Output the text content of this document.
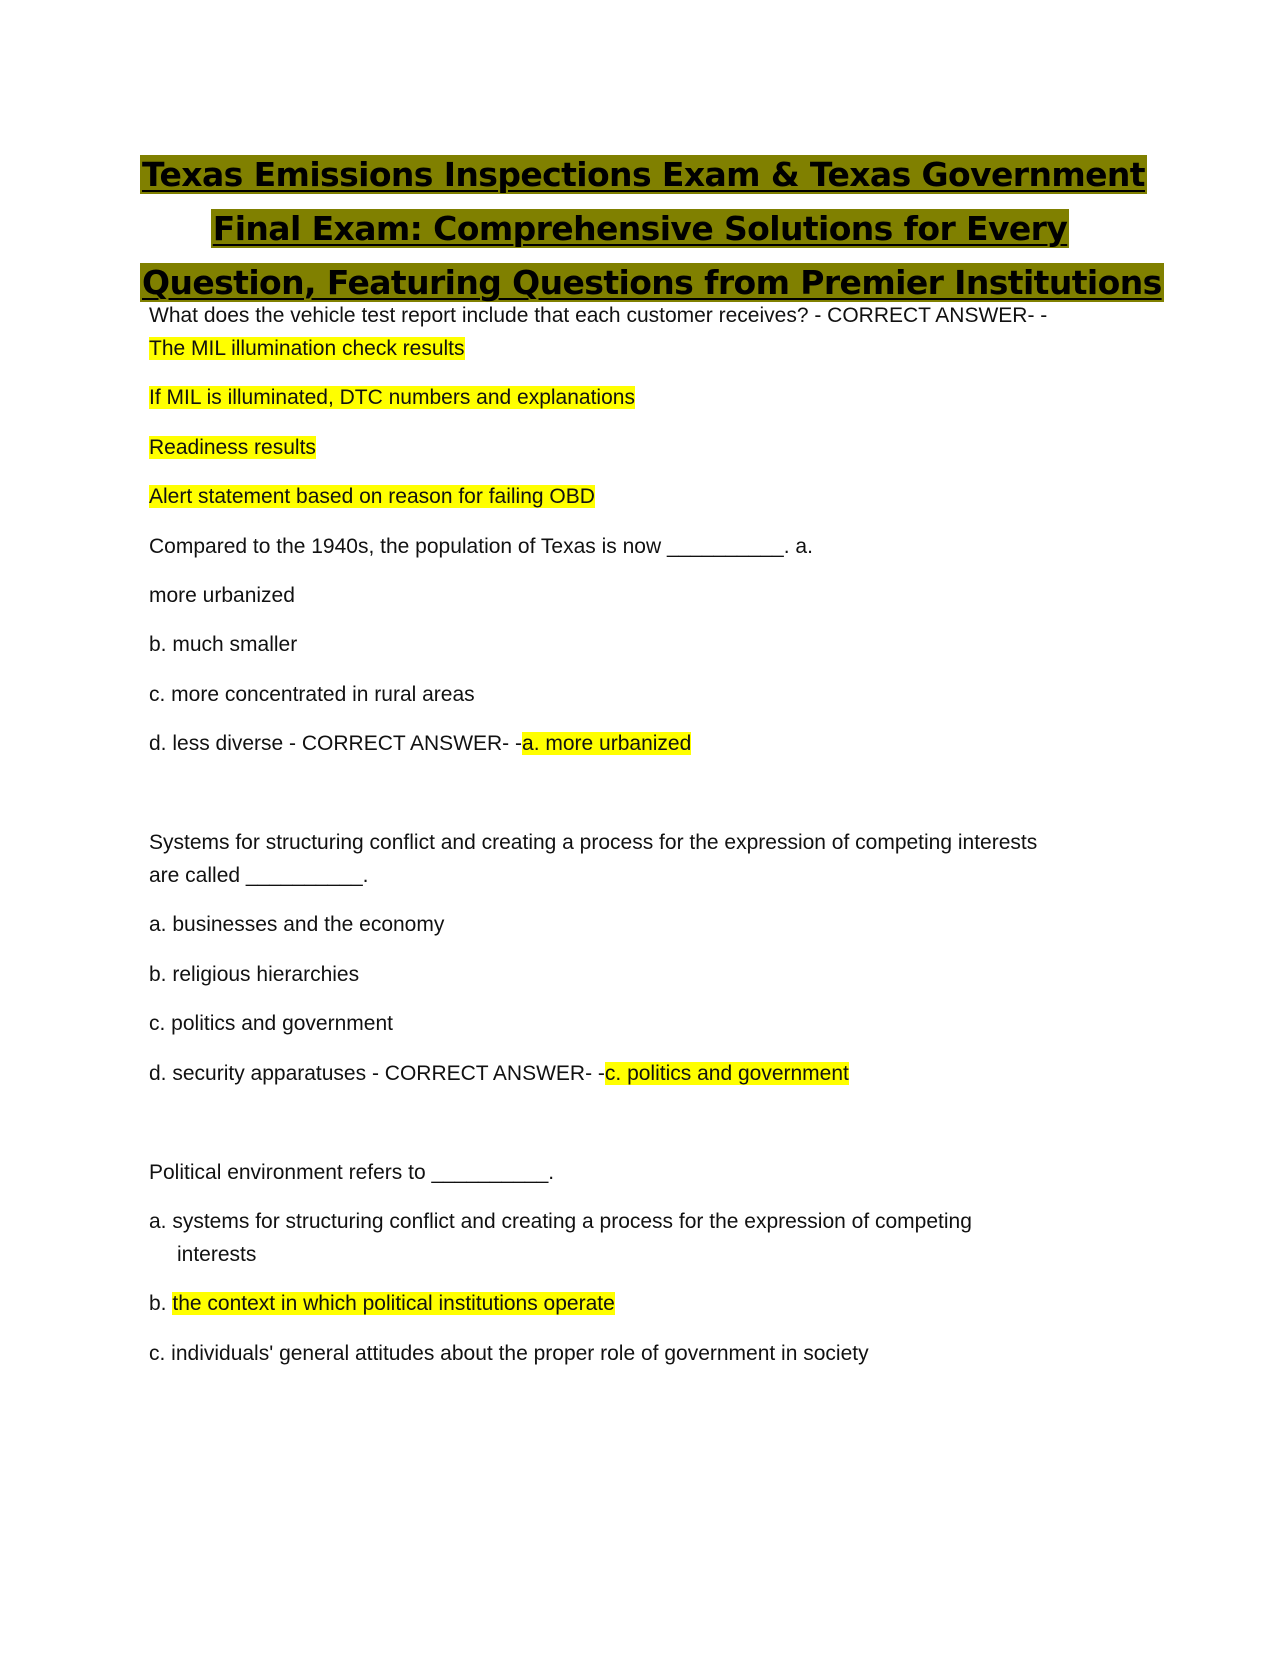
Texas Emissions Inspections Exam & Texas Government
Final Exam: Comprehensive Solutions for Every
Question, Featuring Questions from Premier Institutions
What does the vehicle test report include that each customer receives? - CORRECT ANSWER- -
The MIL illumination check results
If MIL is illuminated, DTC numbers and explanations
Readiness results
Alert statement based on reason for failing OBD
Compared to the 1940s, the population of Texas is now __________. a.
more urbanized
b. much smaller
c. more concentrated in rural areas
d. less diverse - CORRECT ANSWER- -a. more urbanized
Systems for structuring conflict and creating a process for the expression of competing interests
are called __________.
a. businesses and the economy
b. religious hierarchies
c. politics and government
d. security apparatuses - CORRECT ANSWER- -c. politics and government
Political environment refers to __________.
a. systems for structuring conflict and creating a process for the expression of competing
interests
b. the context in which political institutions operate
c. individuals' general attitudes about the proper role of government in society
